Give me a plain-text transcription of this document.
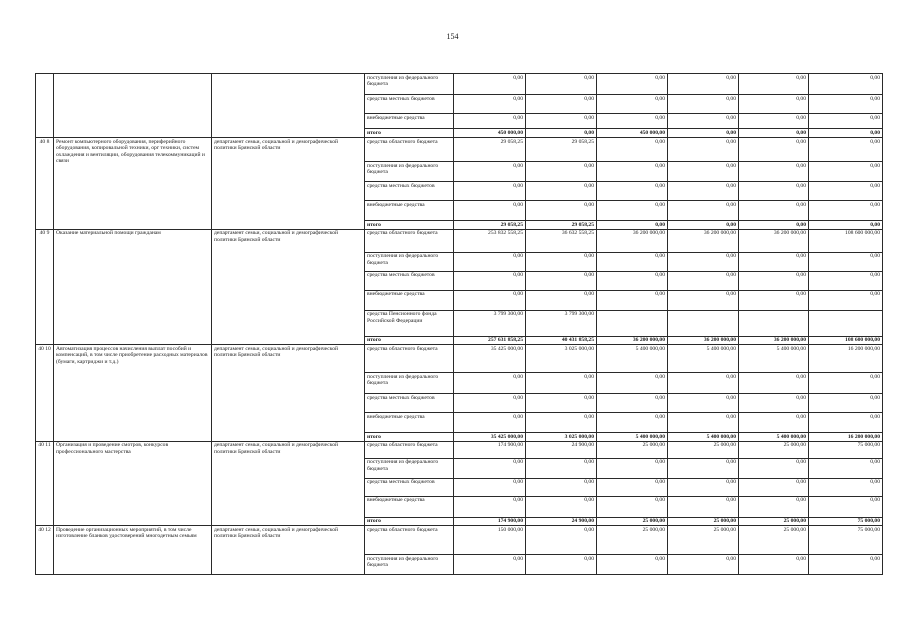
154
			поступления из федерального бюджета	0,00	0,00	0,00	0,00	0,00	0,00
			средства местных бюджетов	0,00	0,00	0,00	0,00	0,00	0,00
			внебюджетные средства	0,00	0,00	0,00	0,00	0,00	0,00
			итого	450 000,00	0,00	450 000,00	0,00	0,00	0,00
40 8	Ремонт компьютерного оборудования, периферийного оборудования, копировальной техники, орг техники, систем охлаждения и вентиляции, оборудования телекоммуникаций и связи	департамент семьи, социальной и демографической политики Брянской области	средства областного бюджета	29 058,25	29 058,25	0,00	0,00	0,00	0,00
			поступления из федерального бюджета	0,00	0,00	0,00	0,00	0,00	0,00
			средства местных бюджетов	0,00	0,00	0,00	0,00	0,00	0,00
			внебюджетные средства	0,00	0,00	0,00	0,00	0,00	0,00
			итого	29 058,25	29 058,25	0,00	0,00	0,00	0,00
40 9	Оказание материальной помощи гражданам	департамент семьи, социальной и демографической политики Брянской области	средства областного бюджета	253 832 558,25	36 632 558,25	36 200 000,00	36 200 000,00	36 200 000,00	108 600 000,00
			поступления из федерального бюджета	0,00	0,00	0,00	0,00	0,00	0,00
			средства местных бюджетов	0,00	0,00	0,00	0,00	0,00	0,00
			внебюджетные средства	0,00	0,00	0,00	0,00	0,00	0,00
			средства Пенсионного фонда Российской Федерации	3 799 300,00	3 799 300,00				
			итого	257 631 858,25	40 431 858,25	36 200 000,00	36 200 000,00	36 200 000,00	108 600 000,00
40 10	Автоматизация процессов начисления выплат пособий и компенсаций, в том числе приобретение расходных материалов (бумаги, картриджи и т.д.)	департамент семьи, социальной и демографической политики Брянской области	средства областного бюджета	35 425 000,00	3 025 000,00	5 400 000,00	5 400 000,00	5 400 000,00	16 200 000,00
			поступления из федерального бюджета	0,00	0,00	0,00	0,00	0,00	0,00
			средства местных бюджетов	0,00	0,00	0,00	0,00	0,00	0,00
			внебюджетные средства	0,00	0,00	0,00	0,00	0,00	0,00
			итого	35 425 000,00	3 025 000,00	5 400 000,00	5 400 000,00	5 400 000,00	16 200 000,00
40 11	Организация и проведение смотров, конкурсов профессионального мастерства	департамент семьи, социальной и демографической политики Брянской области	средства областного бюджета	174 900,00	24 900,00	25 000,00	25 000,00	25 000,00	75 000,00
			поступления из федерального бюджета	0,00	0,00	0,00	0,00	0,00	0,00
			средства местных бюджетов	0,00	0,00	0,00	0,00	0,00	0,00
			внебюджетные средства	0,00	0,00	0,00	0,00	0,00	0,00
			итого	174 900,00	24 900,00	25 000,00	25 000,00	25 000,00	75 000,00
40 12	Проведение организационных мероприятий, в том числе изготовление бланков удостоверений многодетным семьям	департамент семьи, социальной и демографической политики Брянской области	средства областного бюджета	150 000,00	0,00	25 000,00	25 000,00	25 000,00	75 000,00
			поступления из федерального бюджета	0,00	0,00	0,00	0,00	0,00	0,00
